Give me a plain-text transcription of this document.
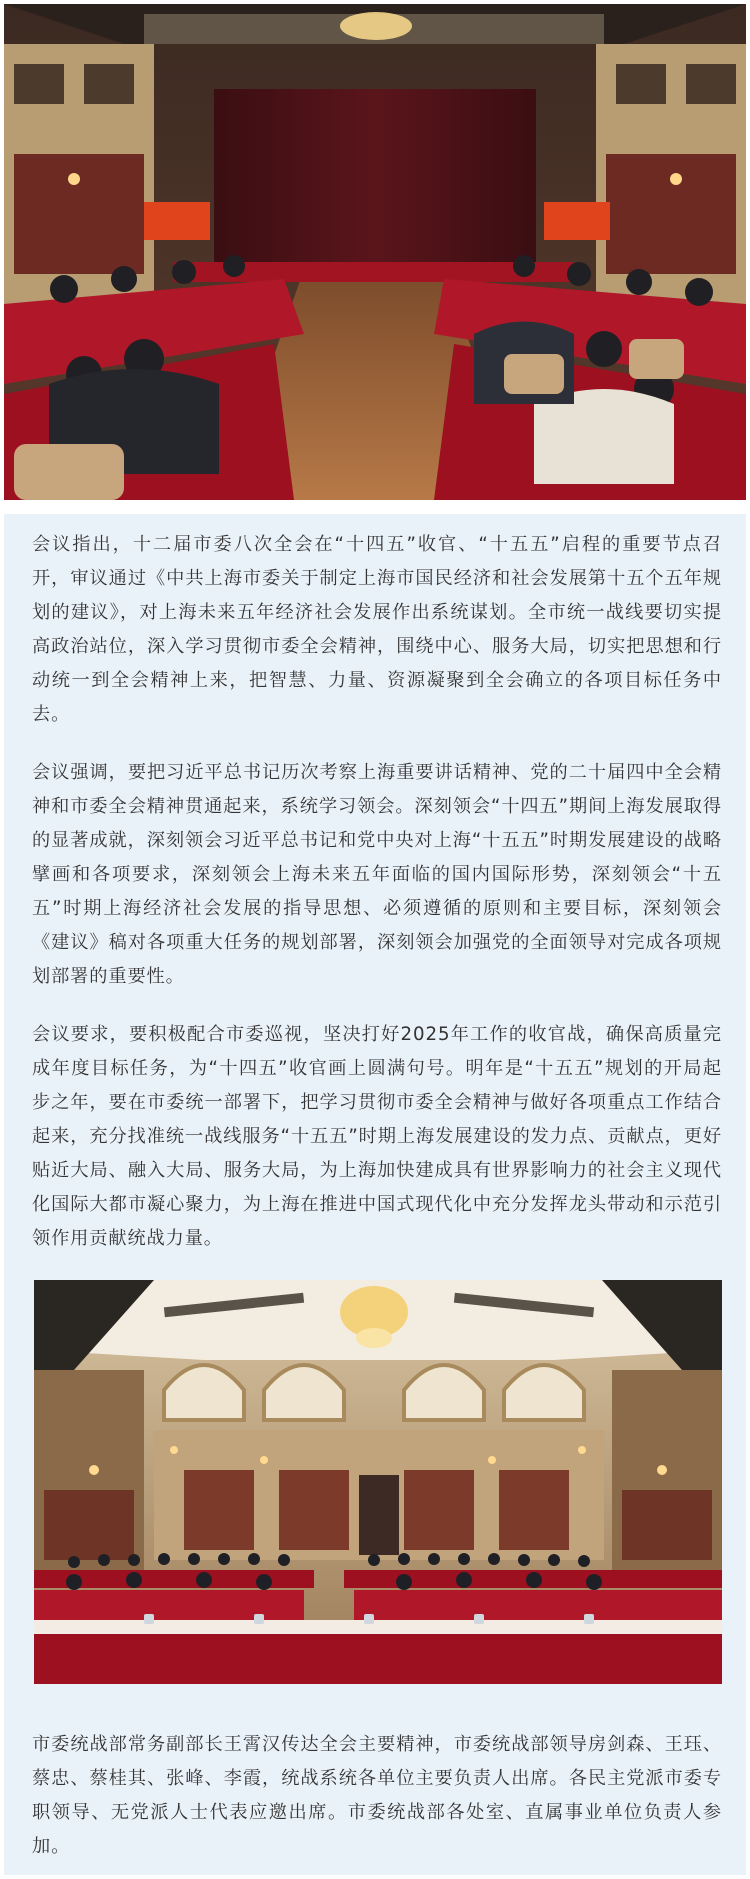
会议指出，十二届市委八次全会在“十四五”收官、“十五五”启程的重要节点召开，审议通过《中共上海市委关于制定上海市国民经济和社会发展第十五个五年规划的建议》，对上海未来五年经济社会发展作出系统谋划。全市统一战线要切实提高政治站位，深入学习贯彻市委全会精神，围绕中心、服务大局，切实把思想和行动统一到全会精神上来，把智慧、力量、资源凝聚到全会确立的各项目标任务中去。

会议强调，要把习近平总书记历次考察上海重要讲话精神、党的二十届四中全会精神和市委全会精神贯通起来，系统学习领会。深刻领会“十四五”期间上海发展取得的显著成就，深刻领会习近平总书记和党中央对上海“十五五”时期发展建设的战略擘画和各项要求，深刻领会上海未来五年面临的国内国际形势，深刻领会“十五五”时期上海经济社会发展的指导思想、必须遵循的原则和主要目标，深刻领会《建议》稿对各项重大任务的规划部署，深刻领会加强党的全面领导对完成各项规划部署的重要性。

会议要求，要积极配合市委巡视，坚决打好2025年工作的收官战，确保高质量完成年度目标任务，为“十四五”收官画上圆满句号。明年是“十五五”规划的开局起步之年，要在市委统一部署下，把学习贯彻市委全会精神与做好各项重点工作结合起来，充分找准统一战线服务“十五五”时期上海发展建设的发力点、贡献点，更好贴近大局、融入大局、服务大局，为上海加快建成具有世界影响力的社会主义现代化国际大都市凝心聚力，为上海在推进中国式现代化中充分发挥龙头带动和示范引领作用贡献统战力量。

市委统战部常务副部长王霄汉传达全会主要精神，市委统战部领导房剑森、王珏、蔡忠、蔡桂其、张峰、李霞，统战系统各单位主要负责人出席。各民主党派市委专职领导、无党派人士代表应邀出席。市委统战部各处室、直属事业单位负责人参加。
